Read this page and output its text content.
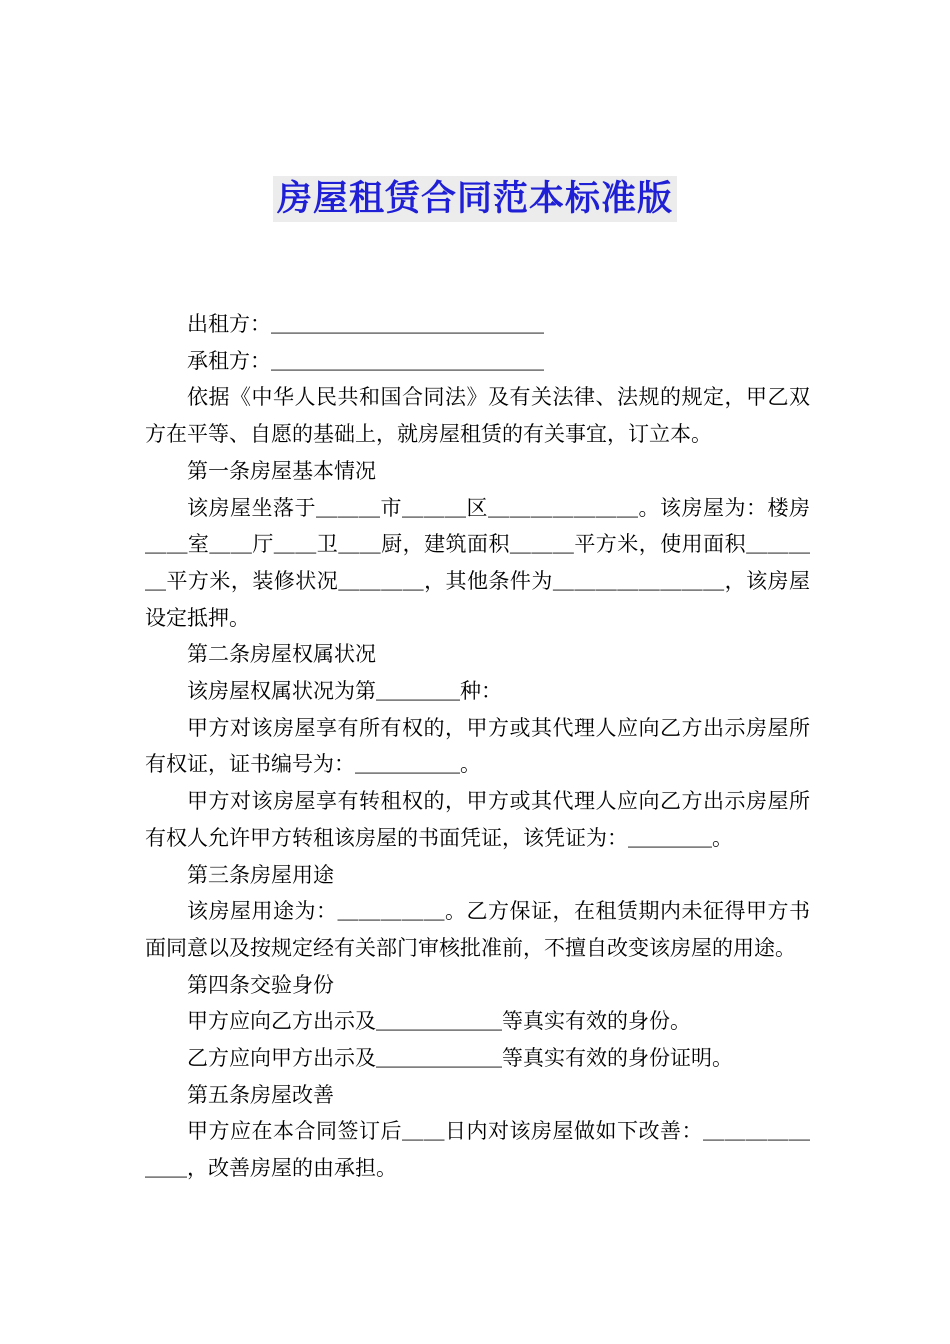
房屋租赁合同范本标准版

出租方：＿＿＿＿＿＿＿＿＿＿＿＿＿

承租方：＿＿＿＿＿＿＿＿＿＿＿＿＿

依据《中华人民共和国合同法》及有关法律、法规的规定，甲乙双方在平等、自愿的基础上，就房屋租赁的有关事宜，订立本。

第一条房屋基本情况

该房屋坐落于＿＿＿市＿＿＿区＿＿＿＿＿＿＿。该房屋为：楼房＿＿室＿＿厅＿＿卫＿＿厨，建筑面积＿＿＿平方米，使用面积＿＿＿＿平方米，装修状况＿＿＿＿，其他条件为＿＿＿＿＿＿＿＿，该房屋设定抵押。

第二条房屋权属状况

该房屋权属状况为第＿＿＿＿种：

甲方对该房屋享有所有权的，甲方或其代理人应向乙方出示房屋所有权证，证书编号为：＿＿＿＿＿。

甲方对该房屋享有转租权的，甲方或其代理人应向乙方出示房屋所有权人允许甲方转租该房屋的书面凭证，该凭证为：＿＿＿＿。

第三条房屋用途

该房屋用途为：＿＿＿＿＿。乙方保证，在租赁期内未征得甲方书面同意以及按规定经有关部门审核批准前，不擅自改变该房屋的用途。

第四条交验身份

甲方应向乙方出示及＿＿＿＿＿＿等真实有效的身份。

乙方应向甲方出示及＿＿＿＿＿＿等真实有效的身份证明。

第五条房屋改善

甲方应在本合同签订后＿＿日内对该房屋做如下改善：＿＿＿＿＿＿＿，改善房屋的由承担。
